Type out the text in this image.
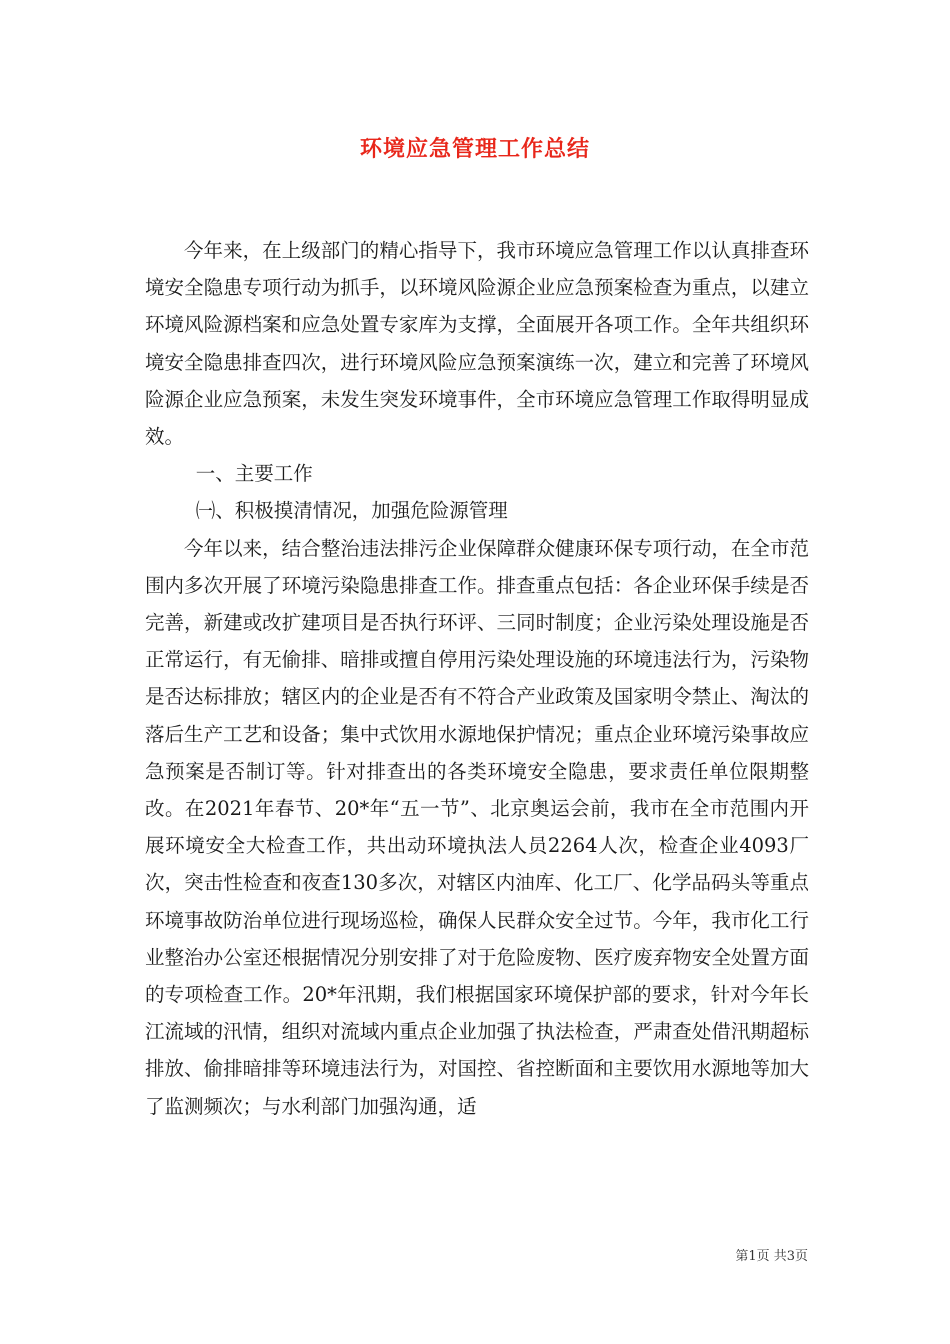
环境应急管理工作总结

今年来，在上级部门的精心指导下，我市环境应急管理工作以认真排查环境安全隐患专项行动为抓手，以环境风险源企业应急预案检查为重点，以建立环境风险源档案和应急处置专家库为支撑，全面展开各项工作。全年共组织环境安全隐患排查四次，进行环境风险应急预案演练一次，建立和完善了环境风险源企业应急预案，未发生突发环境事件，全市环境应急管理工作取得明显成效。

一、主要工作

㈠、积极摸清情况，加强危险源管理

今年以来，结合整治违法排污企业保障群众健康环保专项行动，在全市范围内多次开展了环境污染隐患排查工作。排查重点包括：各企业环保手续是否完善，新建或改扩建项目是否执行环评、三同时制度；企业污染处理设施是否正常运行，有无偷排、暗排或擅自停用污染处理设施的环境违法行为，污染物是否达标排放；辖区内的企业是否有不符合产业政策及国家明令禁止、淘汰的落后生产工艺和设备；集中式饮用水源地保护情况；重点企业环境污染事故应急预案是否制订等。针对排查出的各类环境安全隐患，要求责任单位限期整改。在2021年春节、20*年“五一节”、北京奥运会前，我市在全市范围内开展环境安全大检查工作，共出动环境执法人员2264人次，检查企业4093厂次，突击性检查和夜查130多次，对辖区内油库、化工厂、化学品码头等重点环境事故防治单位进行现场巡检，确保人民群众安全过节。今年，我市化工行业整治办公室还根据情况分别安排了对于危险废物、医疗废弃物安全处置方面的专项检查工作。20*年汛期，我们根据国家环境保护部的要求，针对今年长江流域的汛情，组织对流域内重点企业加强了执法检查，严肃查处借汛期超标排放、偷排暗排等环境违法行为，对国控、省控断面和主要饮用水源地等加大了监测频次；与水利部门加强沟通，适

第1页 共3页
